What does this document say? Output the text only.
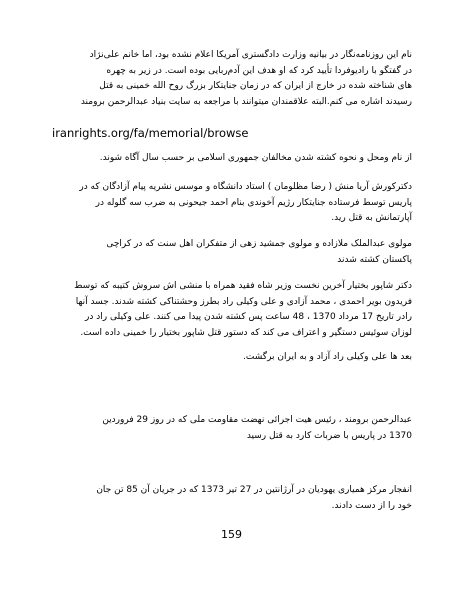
نام این روزنامه‌نگار در بیانیه وزارت دادگستری آمریکا اعلام نشده بود، اما خانم علی‌نژاد
در گفتگو با رادیوفردا تأیید کرد که او هدف این آدم‌ربایی بوده است. در زیر به چهره
های شناخته شده در خارج از ایران که در زمان جنایتکار بزرگ روح الله خمینی به قتل
رسیدند اشاره می کنم.البته علاقمندان میتوانند با مراجعه به سایت بنیاد عبدالرحمن برومند

iranrights.org/fa/memorial/browse

از نام ومحل و نحوه کشته شدن مخالفان جمهوری اسلامی بر حسب سال آگاه شوند.

دکترکورش آریا منش ( رضا مظلومان ) استاد دانشگاه و موسس نشریه پیام آزادگان که در
پاریس توسط فرستاده جنایتکار رژیم آخوندی بنام احمد جیحونی به ضرب سه گلوله در
آپارتمانش به قتل رید.

مولوی عبدالملک ملازاده و مولوی جمشید زهی از متفکران اهل سنت که در کراچی
پاکستان کشته شدند

دکتر شاپور بختیار آخرین نخست وزیر شاه فقید همراه با منشی اش سروش کتیبه که توسط
فریدون بویر احمدی ، محمد آزادی و علی وکیلی راد بطرز وحشتناکی کشته شدند. جسد آنها
رادر تاریخ 17 مرداد 1370 ، 48 ساعت پس کشته شدن پیدا می کنند. علی وکیلی راد در
لوزان سوئیس دستگیر و اعتراف می کند که دستور قتل شاپور بختیار را خمینی داده است.

بعد ها علی وکیلی راد آزاد و به ایران برگشت.

عبدالرحمن برومند ، رئیس هیت اجرائی نهضت مقاومت ملی که در روز 29 فروردین
1370 در پاریس با ضربات کارد به قتل رسید

انفجار مرکز همیاری یهودیان در آرژانتین در 27 تیر 1373 که در جریان آن 85 تن جان
خود را از دست دادند.

159
